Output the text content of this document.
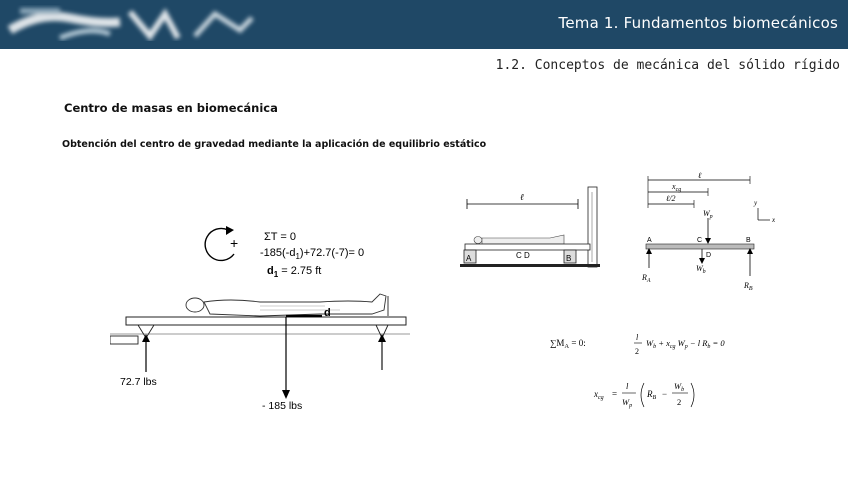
Tema 1. Fundamentos biomecánicos
1.2. Conceptos de mecánica del sólido rígido
Centro de masas en biomecánica
Obtención del centro de gravedad mediante la aplicación de equilibrio estático
+ ΣT = 0
$-185(-d_1)+72.7(-7)= 0$
$d_1 = 2.75$ ft
d
72.7 lbs
- 185 lbs
ℓ
A	C D	B
ℓ
$x_{cg}$
ℓ/2
$W_p$
y
x
A	C	B
D
$R_A$
$W_b$
$R_B$
$\sum M_A = 0$:
l
2
$W_b + x_{cg}$ $W_p - l$ $R_b = 0$
$x_{cg}$ =
l
$W_p$
$R_B$ −
$W_b$
2
